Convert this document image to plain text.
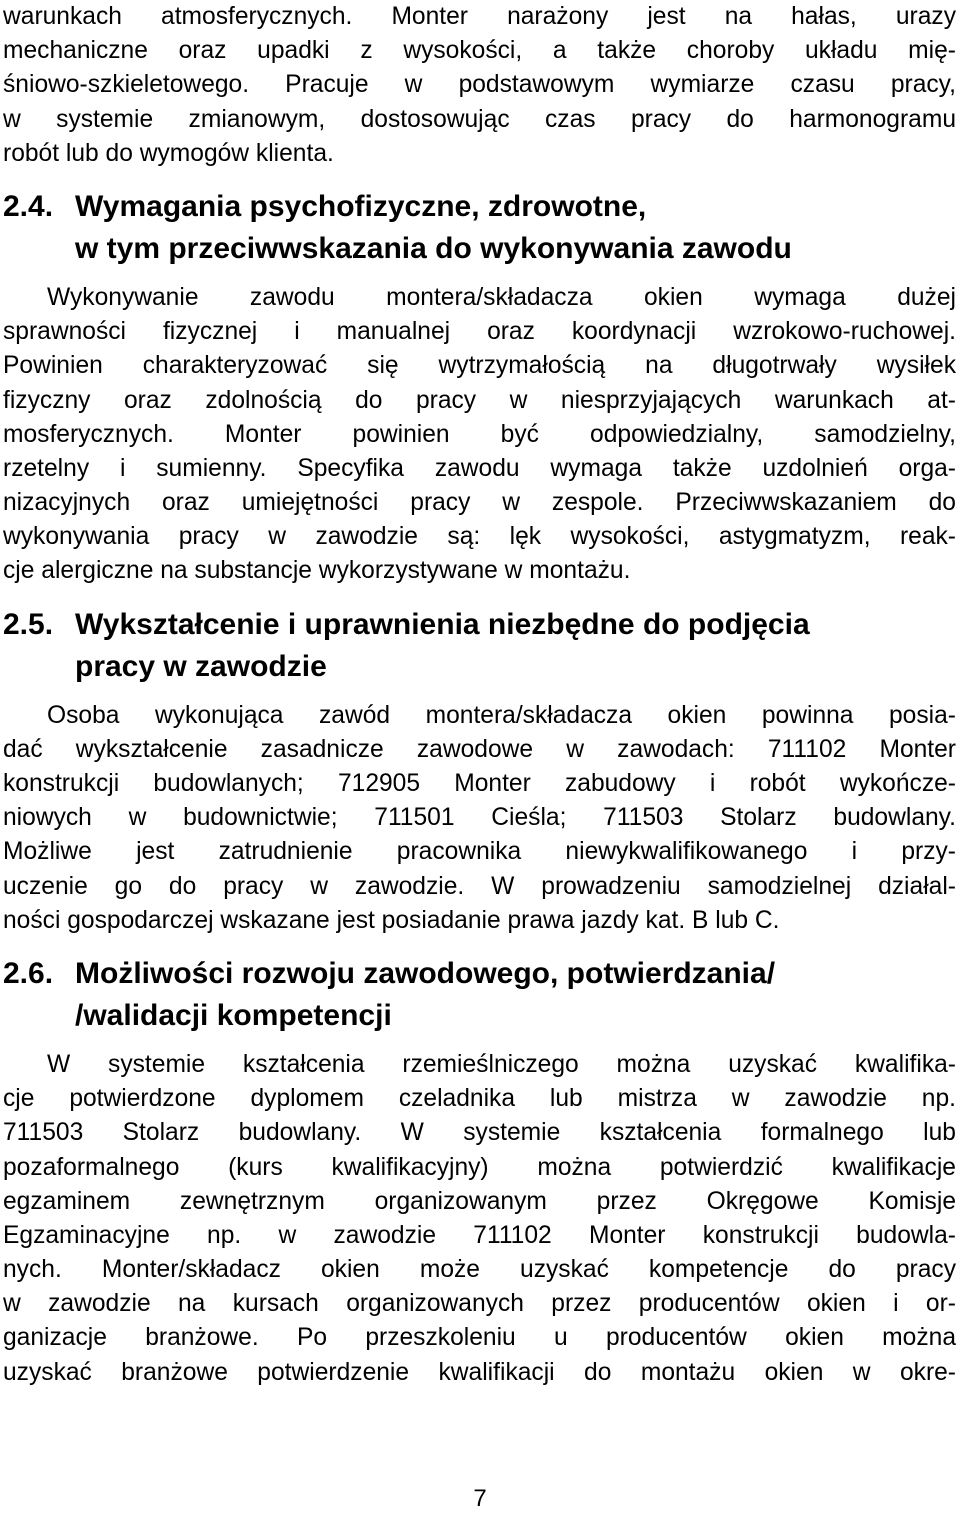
warunkach atmosferycznych. Monter narażony jest na hałas, urazy
mechaniczne oraz upadki z wysokości, a także choroby układu mię-
śniowo-szkieletowego. Pracuje w podstawowym wymiarze czasu pracy,
w systemie zmianowym, dostosowując czas pracy do harmonogramu
robót lub do wymogów klienta.
2.4. Wymagania psychofizyczne, zdrowotne,
w tym przeciwwskazania do wykonywania zawodu
Wykonywanie zawodu montera/składacza okien wymaga dużej
sprawności fizycznej i manualnej oraz koordynacji wzrokowo-ruchowej.
Powinien charakteryzować się wytrzymałością na długotrwały wysiłek
fizyczny oraz zdolnością do pracy w niesprzyjających warunkach at-
mosferycznych. Monter powinien być odpowiedzialny, samodzielny,
rzetelny i sumienny. Specyfika zawodu wymaga także uzdolnień orga-
nizacyjnych oraz umiejętności pracy w zespole. Przeciwwskazaniem do
wykonywania pracy w zawodzie są: lęk wysokości, astygmatyzm, reak-
cje alergiczne na substancje wykorzystywane w montażu.
2.5. Wykształcenie i uprawnienia niezbędne do podjęcia
pracy w zawodzie
Osoba wykonująca zawód montera/składacza okien powinna posia-
dać wykształcenie zasadnicze zawodowe w zawodach: 711102 Monter
konstrukcji budowlanych; 712905 Monter zabudowy i robót wykończe-
niowych w budownictwie; 711501 Cieśla; 711503 Stolarz budowlany.
Możliwe jest zatrudnienie pracownika niewykwalifikowanego i przy-
uczenie go do pracy w zawodzie. W prowadzeniu samodzielnej działal-
ności gospodarczej wskazane jest posiadanie prawa jazdy kat. B lub C.
2.6. Możliwości rozwoju zawodowego, potwierdzania/
/walidacji kompetencji
W systemie kształcenia rzemieślniczego można uzyskać kwalifika-
cje potwierdzone dyplomem czeladnika lub mistrza w zawodzie np.
711503 Stolarz budowlany. W systemie kształcenia formalnego lub
pozaformalnego (kurs kwalifikacyjny) można potwierdzić kwalifikacje
egzaminem zewnętrznym organizowanym przez Okręgowe Komisje
Egzaminacyjne np. w zawodzie 711102 Monter konstrukcji budowla-
nych. Monter/składacz okien może uzyskać kompetencje do pracy
w zawodzie na kursach organizowanych przez producentów okien i or-
ganizacje branżowe. Po przeszkoleniu u producentów okien można
uzyskać branżowe potwierdzenie kwalifikacji do montażu okien w okre-
7
